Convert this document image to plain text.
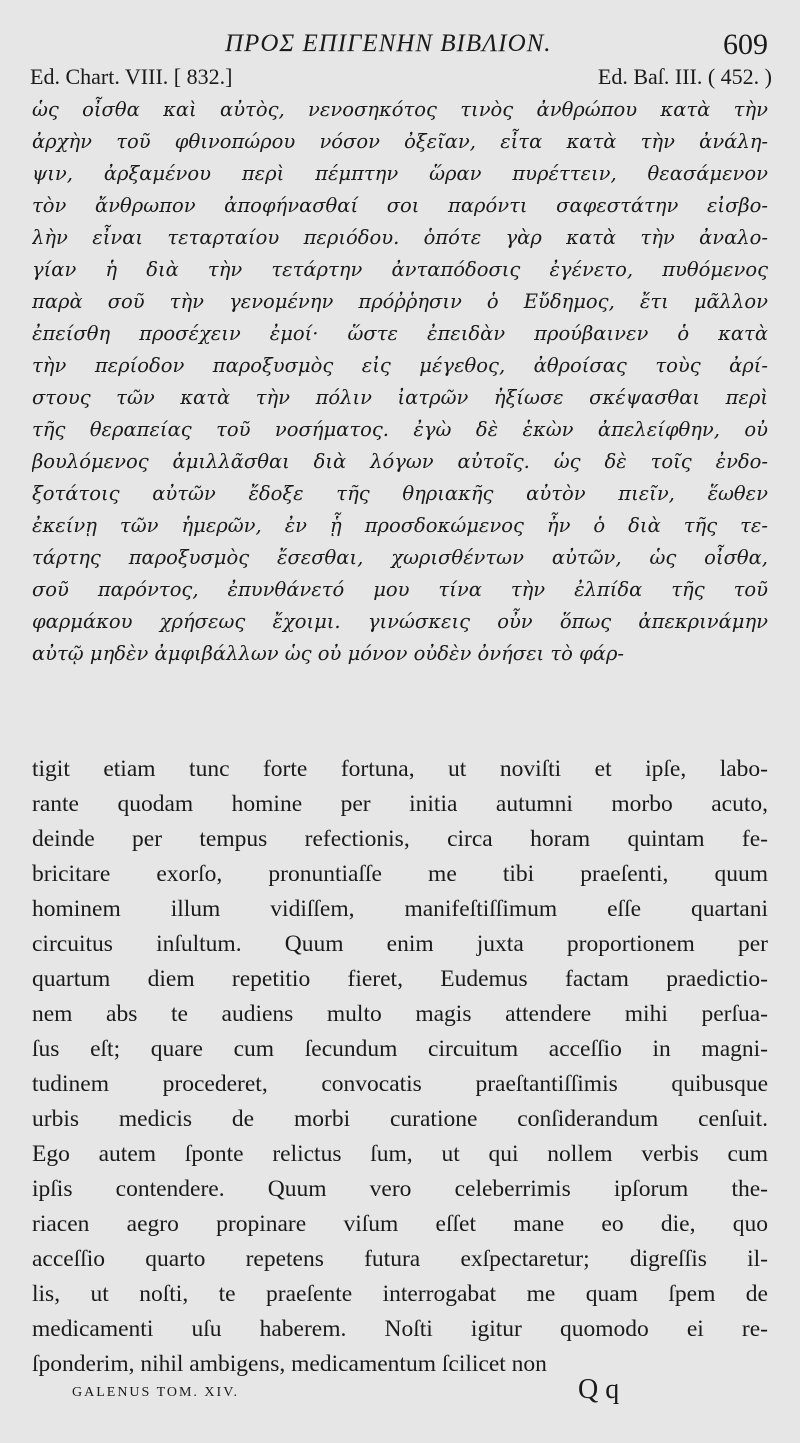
ΠΡΟΣ ΕΠΙΓΕΝΗΝ ΒΙΒΛΙΟΝ.	609
Ed. Chart. VIII. [ 832.]	Ed. Baſ. III. ( 452. )
ὡς οἶσθα καὶ αὐτὸς, νενοσηκότος τινὸς ἀνθρώπου κατὰ τὴν
ἀρχὴν τοῦ φθινοπώρου νόσον ὀξεῖαν, εἶτα κατὰ τὴν ἀνάλη-
ψιν, ἀρξαμένου περὶ πέμπτην ὥραν πυρέττειν, θεασάμενον
τὸν ἄνθρωπον ἀποφήνασθαί σοι παρόντι σαφεστάτην εἰσβο-
λὴν εἶναι τεταρταίου περιόδου. ὁπότε γὰρ κατὰ τὴν ἀναλο-
γίαν ἡ διὰ τὴν τετάρτην ἀνταπόδοσις ἐγένετο, πυθόμενος
παρὰ σοῦ τὴν γενομένην πρόῤῥησιν ὁ Εὔδημος, ἔτι μᾶλλον
ἐπείσθη προσέχειν ἐμοί· ὥστε ἐπειδὰν προύβαινεν ὁ κατὰ
τὴν περίοδον παροξυσμὸς εἰς μέγεθος, ἀθροίσας τοὺς ἀρί-
στους τῶν κατὰ τὴν πόλιν ἰατρῶν ἠξίωσε σκέψασθαι περὶ
τῆς θεραπείας τοῦ νοσήματος. ἐγὼ δὲ ἑκὼν ἀπελείφθην, οὐ
βουλόμενος ἁμιλλᾶσθαι διὰ λόγων αὐτοῖς. ὡς δὲ τοῖς ἐνδο-
ξοτάτοις αὐτῶν ἔδοξε τῆς θηριακῆς αὐτὸν πιεῖν, ἕωθεν
ἐκείνῃ τῶν ἡμερῶν, ἐν ᾗ προσδοκώμενος ἦν ὁ διὰ τῆς τε-
τάρτης παροξυσμὸς ἔσεσθαι, χωρισθέντων αὐτῶν, ὡς οἶσθα,
σοῦ παρόντος, ἐπυνθάνετό μου τίνα τὴν ἐλπίδα τῆς τοῦ
φαρμάκου χρήσεως ἔχοιμι. γινώσκεις οὖν ὅπως ἀπεκρινάμην
αὐτῷ μηδὲν ἀμφιβάλλων ὡς οὐ μόνον οὐδὲν ὀνήσει τὸ φάρ-
tigit etiam tunc forte fortuna, ut noviſti et ipſe, labo-
rante quodam homine per initia autumni morbo acuto,
deinde per tempus refectionis, circa horam quintam fe-
bricitare exorſo, pronuntiaſſe me tibi praeſenti, quum
hominem illum vidiſſem, manifeſtiſſimum eſſe quartani
circuitus inſultum. Quum enim juxta proportionem per
quartum diem repetitio fieret, Eudemus factam praedictio-
nem abs te audiens multo magis attendere mihi perſua-
ſus eſt; quare cum ſecundum circuitum acceſſio in magni-
tudinem procederet, convocatis praeſtantiſſimis quibusque
urbis medicis de morbi curatione conſiderandum cenſuit.
Ego autem ſponte relictus ſum, ut qui nollem verbis cum
ipſis contendere. Quum vero celeberrimis ipſorum the-
riacen aegro propinare viſum eſſet mane eo die, quo
acceſſio quarto repetens futura exſpectaretur; digreſſis il-
lis, ut noſti, te praeſente interrogabat me quam ſpem de
medicamenti uſu haberem. Noſti igitur quomodo ei re-
ſponderim, nihil ambigens, medicamentum ſcilicet non
GALENUS TOM. XIV.	Q q
